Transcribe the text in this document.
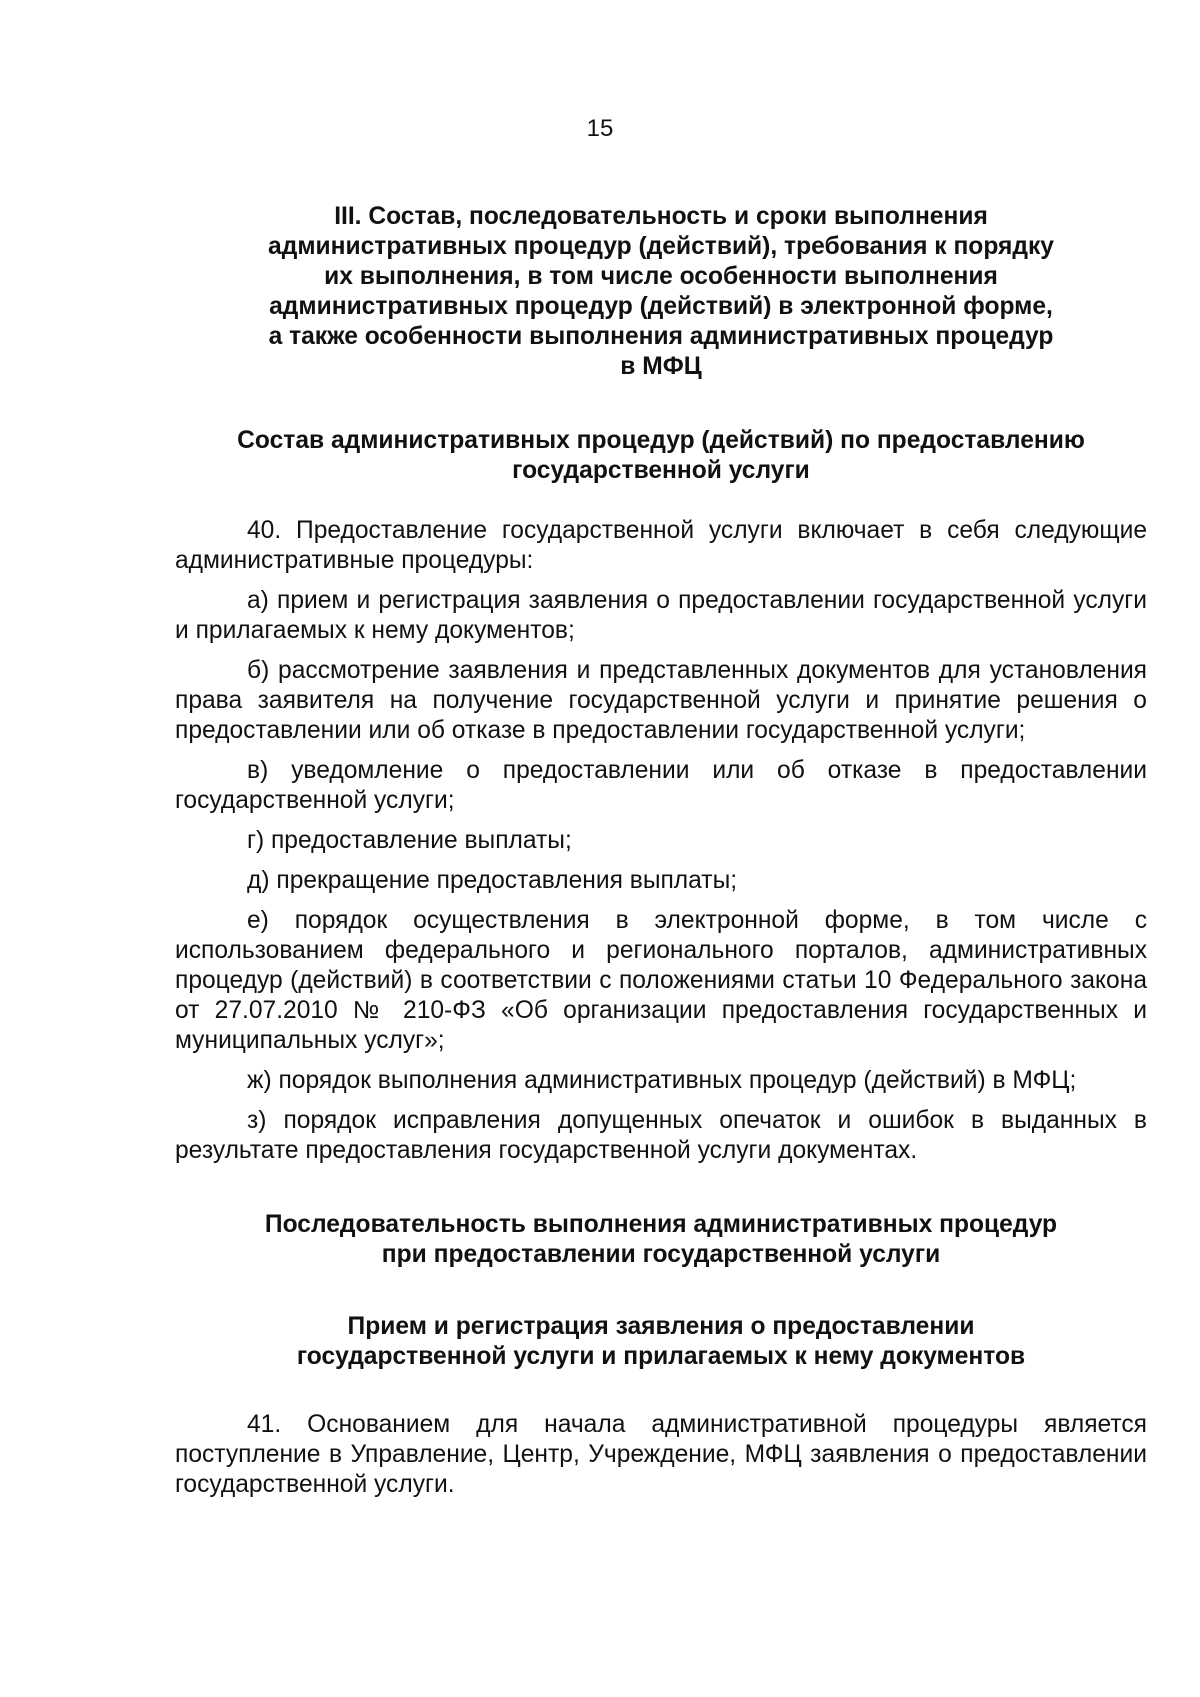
15
III. Состав, последовательность и сроки выполнения
административных процедур (действий), требования к порядку
их выполнения, в том числе особенности выполнения
административных процедур (действий) в электронной форме,
а также особенности выполнения административных процедур
в МФЦ
Состав административных процедур (действий) по предоставлению
государственной услуги

40. Предоставление государственной услуги включает в себя следующие административные процедуры:

а) прием и регистрация заявления о предоставлении государственной услуги и прилагаемых к нему документов;

б) рассмотрение заявления и представленных документов для установления права заявителя на получение государственной услуги и принятие решения о предоставлении или об отказе в предоставлении государственной услуги;

в) уведомление о предоставлении или об отказе в предоставлении государственной услуги;

г) предоставление выплаты;

д) прекращение предоставления выплаты;

е) порядок осуществления в электронной форме, в том числе с использованием федерального и регионального порталов, административных процедур (действий) в соответствии с положениями статьи 10 Федерального закона от 27.07.2010 № 210-ФЗ «Об организации предоставления государственных и муниципальных услуг»;

ж) порядок выполнения административных процедур (действий) в МФЦ;

з) порядок исправления допущенных опечаток и ошибок в выданных в результате предоставления государственной услуги документах.

Последовательность выполнения административных процедур
при предоставлении государственной услуги
Прием и регистрация заявления о предоставлении
государственной услуги и прилагаемых к нему документов

41. Основанием для начала административной процедуры является поступление в Управление, Центр, Учреждение, МФЦ заявления о предоставлении государственной услуги.
